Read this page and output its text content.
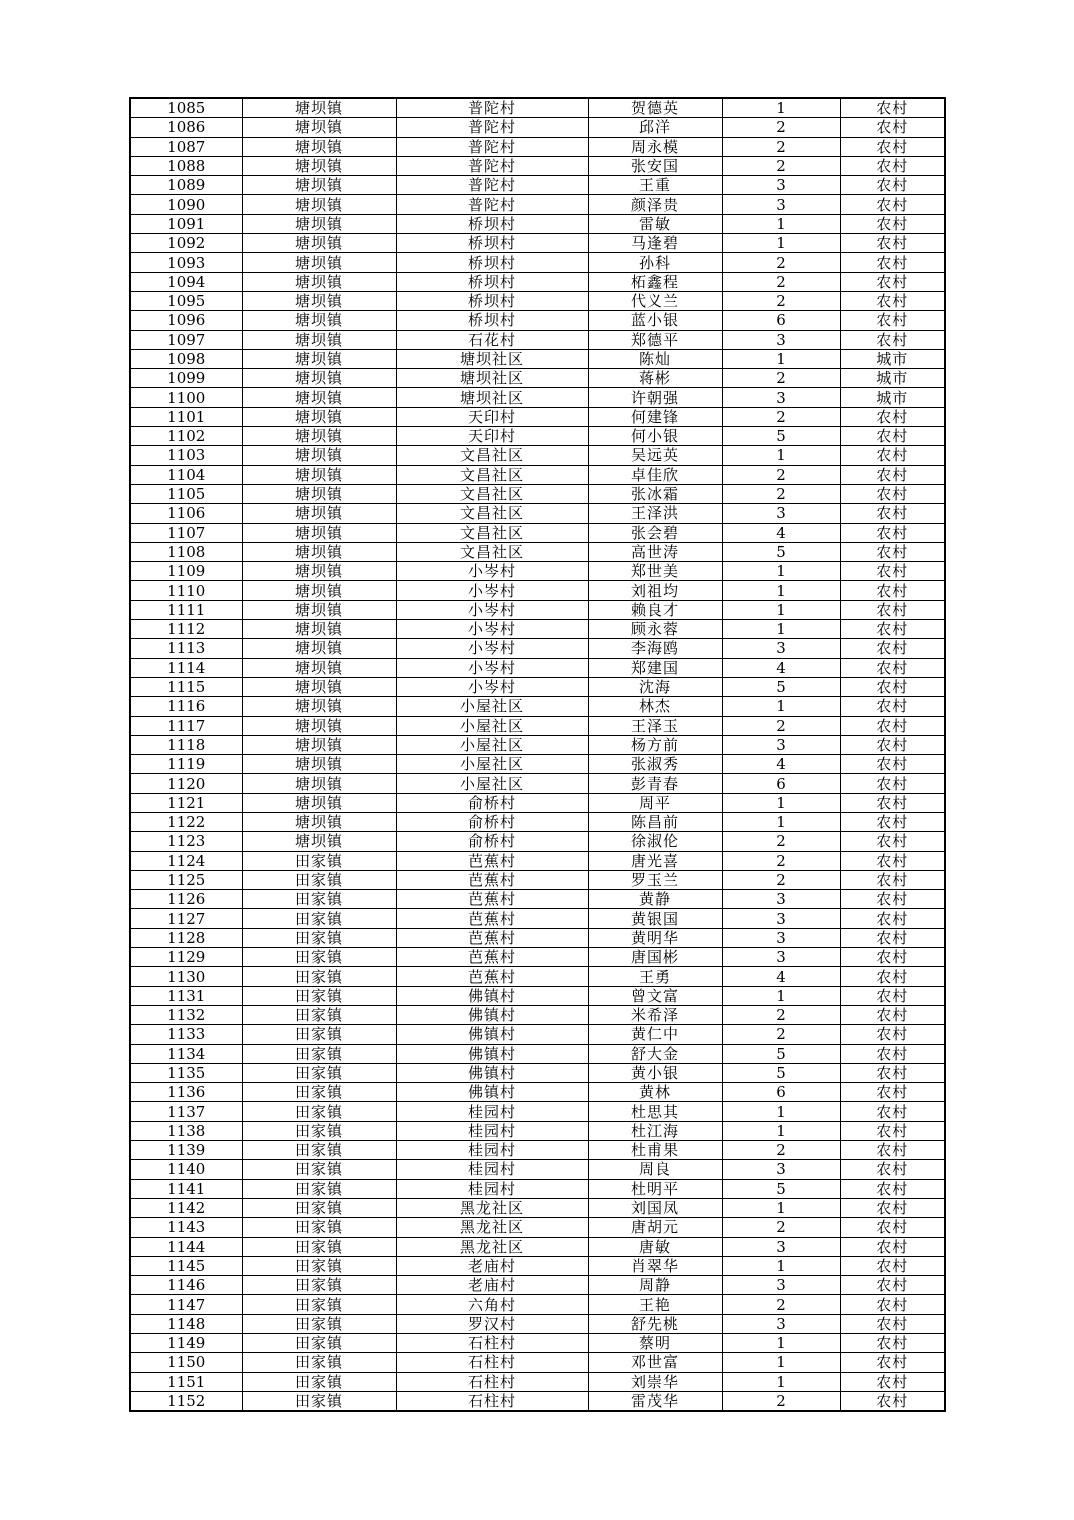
1085	塘坝镇	普陀村	贺德英	1	农村
1086	塘坝镇	普陀村	邱洋	2	农村
1087	塘坝镇	普陀村	周永模	2	农村
1088	塘坝镇	普陀村	张安国	2	农村
1089	塘坝镇	普陀村	王重	3	农村
1090	塘坝镇	普陀村	颜泽贵	3	农村
1091	塘坝镇	桥坝村	雷敏	1	农村
1092	塘坝镇	桥坝村	马逢碧	1	农村
1093	塘坝镇	桥坝村	孙科	2	农村
1094	塘坝镇	桥坝村	柘鑫程	2	农村
1095	塘坝镇	桥坝村	代义兰	2	农村
1096	塘坝镇	桥坝村	蓝小银	6	农村
1097	塘坝镇	石花村	郑德平	3	农村
1098	塘坝镇	塘坝社区	陈灿	1	城市
1099	塘坝镇	塘坝社区	蒋彬	2	城市
1100	塘坝镇	塘坝社区	许朝强	3	城市
1101	塘坝镇	天印村	何建锋	2	农村
1102	塘坝镇	天印村	何小银	5	农村
1103	塘坝镇	文昌社区	吴远英	1	农村
1104	塘坝镇	文昌社区	卓佳欣	2	农村
1105	塘坝镇	文昌社区	张冰霜	2	农村
1106	塘坝镇	文昌社区	王泽洪	3	农村
1107	塘坝镇	文昌社区	张会碧	4	农村
1108	塘坝镇	文昌社区	高世涛	5	农村
1109	塘坝镇	小岑村	郑世美	1	农村
1110	塘坝镇	小岑村	刘祖均	1	农村
1111	塘坝镇	小岑村	赖良才	1	农村
1112	塘坝镇	小岑村	顾永蓉	1	农村
1113	塘坝镇	小岑村	李海鸥	3	农村
1114	塘坝镇	小岑村	郑建国	4	农村
1115	塘坝镇	小岑村	沈海	5	农村
1116	塘坝镇	小屋社区	林杰	1	农村
1117	塘坝镇	小屋社区	王泽玉	2	农村
1118	塘坝镇	小屋社区	杨方前	3	农村
1119	塘坝镇	小屋社区	张淑秀	4	农村
1120	塘坝镇	小屋社区	彭青春	6	农村
1121	塘坝镇	俞桥村	周平	1	农村
1122	塘坝镇	俞桥村	陈昌前	1	农村
1123	塘坝镇	俞桥村	徐淑伦	2	农村
1124	田家镇	芭蕉村	唐光喜	2	农村
1125	田家镇	芭蕉村	罗玉兰	2	农村
1126	田家镇	芭蕉村	黄静	3	农村
1127	田家镇	芭蕉村	黄银国	3	农村
1128	田家镇	芭蕉村	黄明华	3	农村
1129	田家镇	芭蕉村	唐国彬	3	农村
1130	田家镇	芭蕉村	王勇	4	农村
1131	田家镇	佛镇村	曾文富	1	农村
1132	田家镇	佛镇村	米希泽	2	农村
1133	田家镇	佛镇村	黄仁中	2	农村
1134	田家镇	佛镇村	舒大金	5	农村
1135	田家镇	佛镇村	黄小银	5	农村
1136	田家镇	佛镇村	黄林	6	农村
1137	田家镇	桂园村	杜思其	1	农村
1138	田家镇	桂园村	杜江海	1	农村
1139	田家镇	桂园村	杜甫果	2	农村
1140	田家镇	桂园村	周良	3	农村
1141	田家镇	桂园村	杜明平	5	农村
1142	田家镇	黑龙社区	刘国凤	1	农村
1143	田家镇	黑龙社区	唐胡元	2	农村
1144	田家镇	黑龙社区	唐敏	3	农村
1145	田家镇	老庙村	肖翠华	1	农村
1146	田家镇	老庙村	周静	3	农村
1147	田家镇	六角村	王艳	2	农村
1148	田家镇	罗汉村	舒先桃	3	农村
1149	田家镇	石柱村	蔡明	1	农村
1150	田家镇	石柱村	邓世富	1	农村
1151	田家镇	石柱村	刘崇华	1	农村
1152	田家镇	石柱村	雷茂华	2	农村
